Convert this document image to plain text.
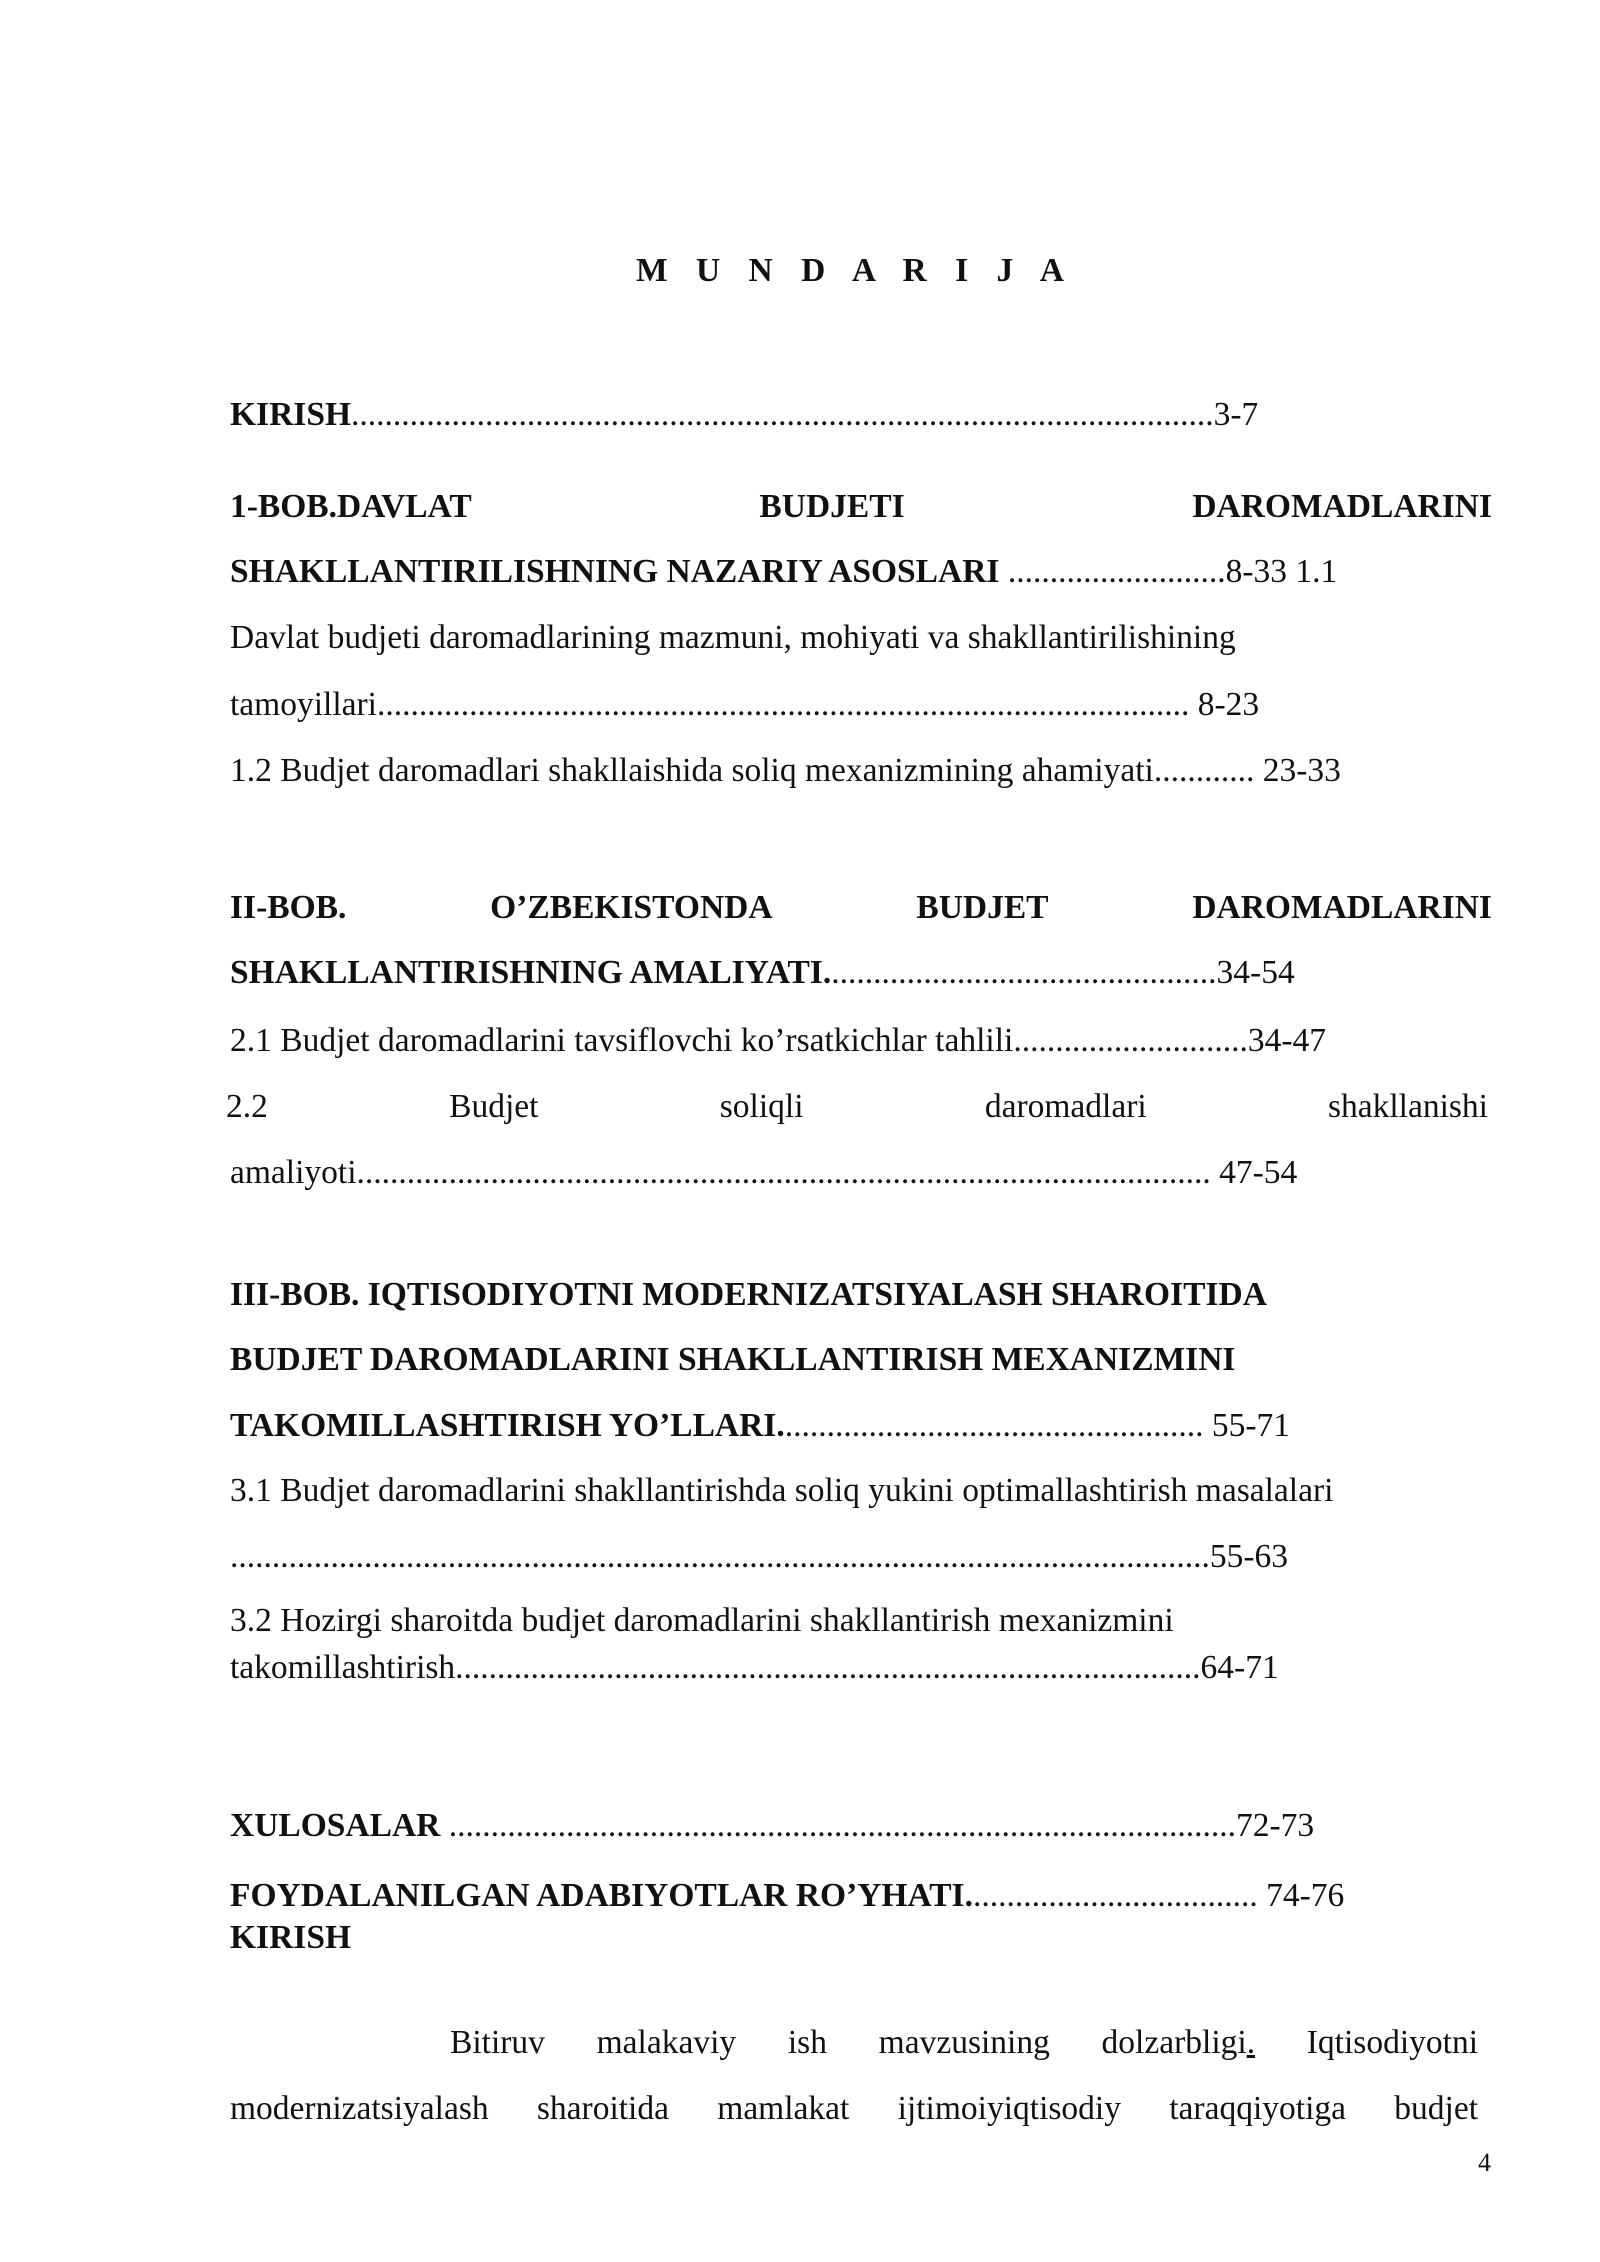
M U N D A R I J A
KIRISH.......................................................................................................3-7
1-BOB.DAVLAT	BUDJETI	DAROMADLARINI
SHAKLLANTIRILISHNING NAZARIY ASOSLARI ..........................8-33 1.1
Davlat budjeti daromadlarining mazmuni, mohiyati va shakllantirilishining
tamoyillari................................................................................................. 8-23
1.2 Budjet daromadlari shakllaishida soliq mexanizmining ahamiyati............ 23-33
II-BOB.	O’ZBEKISTONDA	BUDJET	DAROMADLARINI
SHAKLLANTIRISHNING AMALIYATI...............................................34-54
2.1 Budjet daromadlarini tavsiflovchi ko’rsatkichlar tahlili............................34-47
2.2	Budjet	soliqli	daromadlari	shakllanishi
amaliyoti...................................................................................................... 47-54
III-BOB. IQTISODIYOTNI MODERNIZATSIYALASH SHAROITIDA
BUDJET DAROMADLARINI SHAKLLANTIRISH MEXANIZMINI
TAKOMILLASHTIRISH YO’LLARI................................................... 55-71
3.1 Budjet daromadlarini shakllantirishda soliq yukini optimallashtirish masalalari
.....................................................................................................................55-63
3.2 Hozirgi sharoitda budjet daromadlarini shakllantirish mexanizmini
takomillashtirish.........................................................................................64-71
XULOSALAR ..............................................................................................72-73
FOYDALANILGAN ADABIYOTLAR RO’YHATI................................... 74-76
KIRISH
Bitiruv malakaviy ish mavzusining dolzarbligi. Iqtisodiyotni
modernizatsiyalash sharoitida mamlakat ijtimoiyiqtisodiy taraqqiyotiga budjet
4
